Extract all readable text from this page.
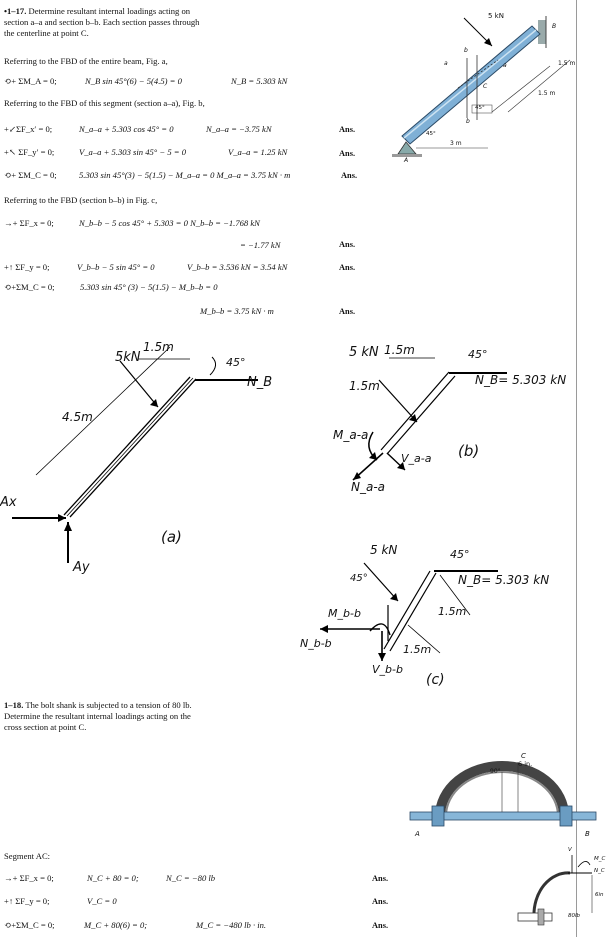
•1–17. Determine resultant internal loadings acting on
section a–a and section b–b. Each section passes through
the centerline at point C.
Referring to the FBD of the entire beam, Fig. a,
⟲+ ΣM_A = 0;	N_B sin 45°(6) − 5(4.5) = 0	N_B = 5.303 kN
Referring to the FBD of this segment (section a–a), Fig. b,
+↙ΣF_x′ = 0;	N_a–a + 5.303 cos 45° = 0	N_a–a = −3.75 kN	Ans.
+↖ ΣF_y′ = 0;	V_a–a + 5.303 sin 45° − 5 = 0	V_a–a = 1.25 kN	Ans.
⟲+ ΣM_C = 0;	5.303 sin 45°(3) − 5(1.5) − M_a–a = 0 M_a–a = 3.75 kN · m	Ans.
Referring to the FBD (section b–b) in Fig. c,
→+ ΣF_x = 0;	N_b–b − 5 cos 45° + 5.303 = 0 N_b–b = −1.768 kN
= −1.77 kN	Ans.
+↑ ΣF_y = 0;	V_b–b − 5 sin 45° = 0	V_b–b = 3.536 kN = 3.54 kN	Ans.
⟲+ΣM_C = 0;	5.303 sin 45° (3) − 5(1.5) − M_b–b = 0
M_b–b = 3.75 kN · m	Ans.
5 kN
B
A
C
a	a
b
b
1.5 m
1.5 m
3 m
45°
45°
5kN
1.5m
45°
N_B
4.5m
Ax
Ay
(a)
5 kN 1.5m	45°
N_B= 5.303 kN
1.5m
M_a-a
V_a-a
N_a-a
(b)
5 kN
45°
45°
N_B= 5.303 kN
M_b-b
N_b-b
V_b-b
1.5m
1.5m
(c)
1–18. The bolt shank is subjected to a tension of 80 lb.
Determine the resultant internal loadings acting on the
cross section at point C.
C
6 in.
90°
A	B
Segment AC:
→+ ΣF_x = 0;	N_C + 80 = 0;	N_C = −80 lb	Ans.
+↑ ΣF_y = 0;	V_C = 0	Ans.
⟲+ΣM_C = 0;	M_C + 80(6) = 0;	M_C = −480 lb · in.	Ans.
V
N_C
M_C
6in
80lb
